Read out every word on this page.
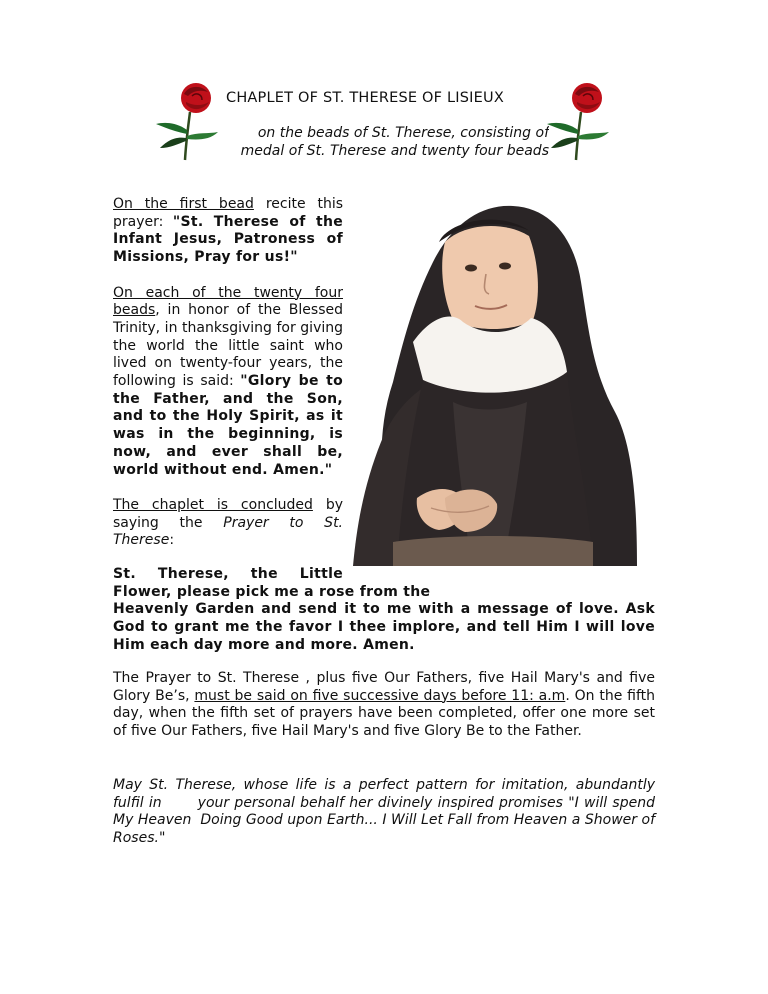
CHAPLET OF ST. THERESE OF LISIEUX
on the beads of St. Therese, consisting of
medal of St. Therese and twenty four beads

On the first bead recite this prayer: "St. Therese of the Infant Jesus, Patroness of Missions, Pray for us!"

On each of the twenty four beads, in honor of the Blessed Trinity, in thanksgiving for giving the world the little saint who lived on twenty-four years, the following is said: "Glory be to the Father, and the Son, and to the Holy Spirit, as it was in the beginning, is now, and ever shall be, world without end. Amen."

The chaplet is concluded by saying the Prayer to St. Therese:

St. Therese, the Little

Flower, please pick me a rose from the

Heavenly Garden and send it to me with a message of love. Ask God to grant me the favor I thee implore, and tell Him I will love Him each day more and more. Amen.

The Prayer to St. Therese , plus five Our Fathers, five Hail Mary's and five Glory Be’s, must be said on five successive days before 11: a.m. On the fifth day, when the fifth set of prayers have been completed, offer one more set of five Our Fathers, five Hail Mary's and five Glory Be to the Father.

May St. Therese, whose life is a perfect pattern for imitation, abundantly fulfil in	your personal behalf her divinely inspired promises "I will spend My Heaven Doing Good upon Earth... I Will Let Fall from Heaven a Shower of Roses."
